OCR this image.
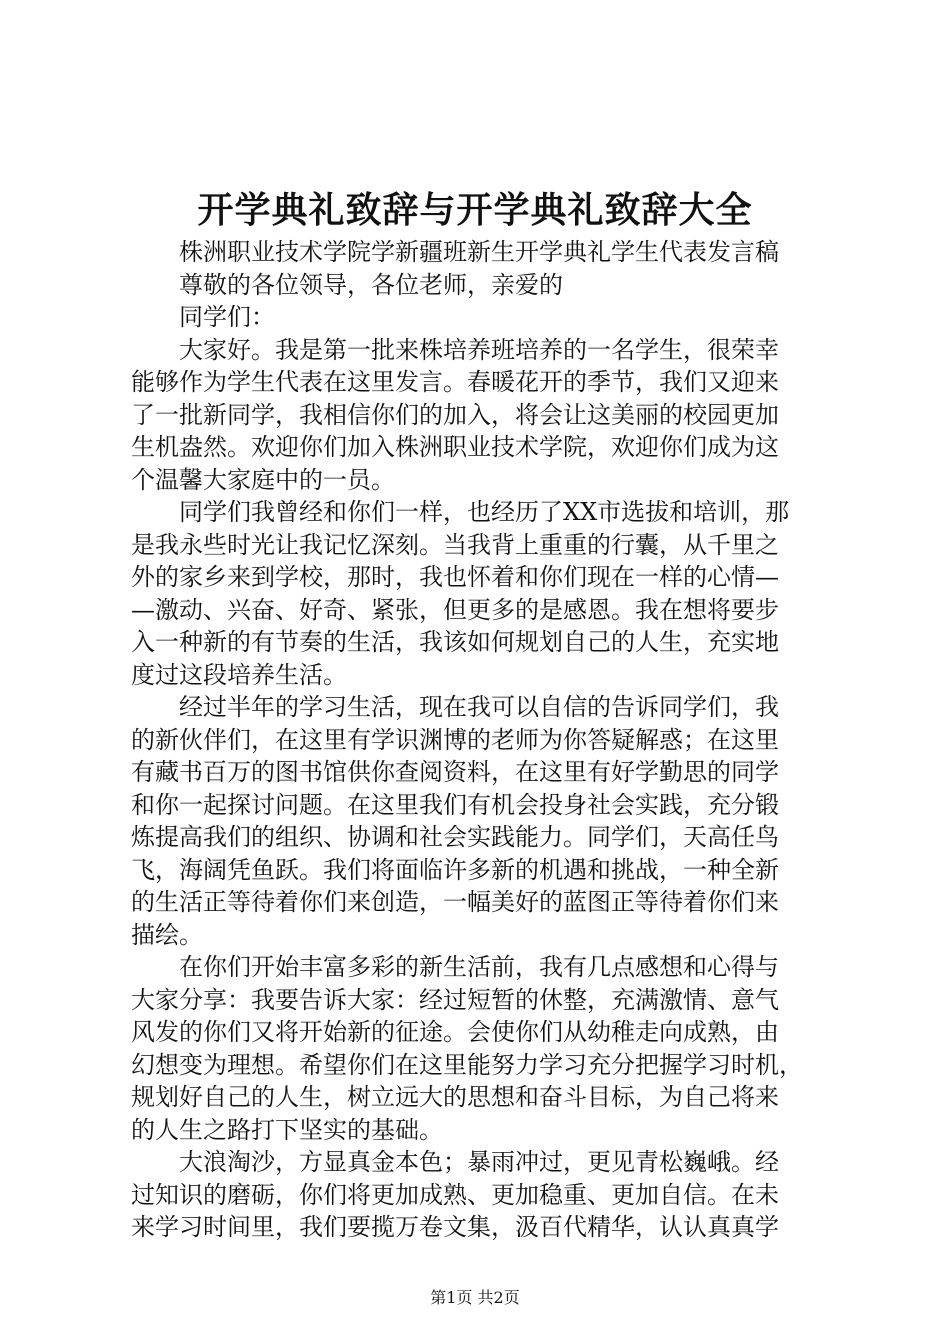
开学典礼致辞与开学典礼致辞大全
株洲职业技术学院学新疆班新生开学典礼学生代表发言稿
尊敬的各位领导，各位老师，亲爱的
同学们：
大家好。我是第一批来株培养班培养的一名学生，很荣幸
能够作为学生代表在这里发言。春暖花开的季节，我们又迎来
了一批新同学，我相信你们的加入，将会让这美丽的校园更加
生机盎然。欢迎你们加入株洲职业技术学院，欢迎你们成为这
个温馨大家庭中的一员。
同学们我曾经和你们一样，也经历了XX市选拔和培训，那
是我永些时光让我记忆深刻。当我背上重重的行囊，从千里之
外的家乡来到学校，那时，我也怀着和你们现在一样的心情—
—激动、兴奋、好奇、紧张，但更多的是感恩。我在想将要步
入一种新的有节奏的生活，我该如何规划自己的人生，充实地
度过这段培养生活。
经过半年的学习生活，现在我可以自信的告诉同学们，我
的新伙伴们，在这里有学识渊博的老师为你答疑解惑；在这里
有藏书百万的图书馆供你查阅资料，在这里有好学勤思的同学
和你一起探讨问题。在这里我们有机会投身社会实践，充分锻
炼提高我们的组织、协调和社会实践能力。同学们，天高任鸟
飞，海阔凭鱼跃。我们将面临许多新的机遇和挑战，一种全新
的生活正等待着你们来创造，一幅美好的蓝图正等待着你们来
描绘。
在你们开始丰富多彩的新生活前，我有几点感想和心得与
大家分享：我要告诉大家：经过短暂的休整，充满激情、意气
风发的你们又将开始新的征途。会使你们从幼稚走向成熟，由
幻想变为理想。希望你们在这里能努力学习充分把握学习时机，
规划好自己的人生，树立远大的思想和奋斗目标，为自己将来
的人生之路打下坚实的基础。
大浪淘沙，方显真金本色；暴雨冲过，更见青松巍峨。经
过知识的磨砺，你们将更加成熟、更加稳重、更加自信。在未
来学习时间里，我们要揽万卷文集，汲百代精华，认认真真学
第1页 共2页
